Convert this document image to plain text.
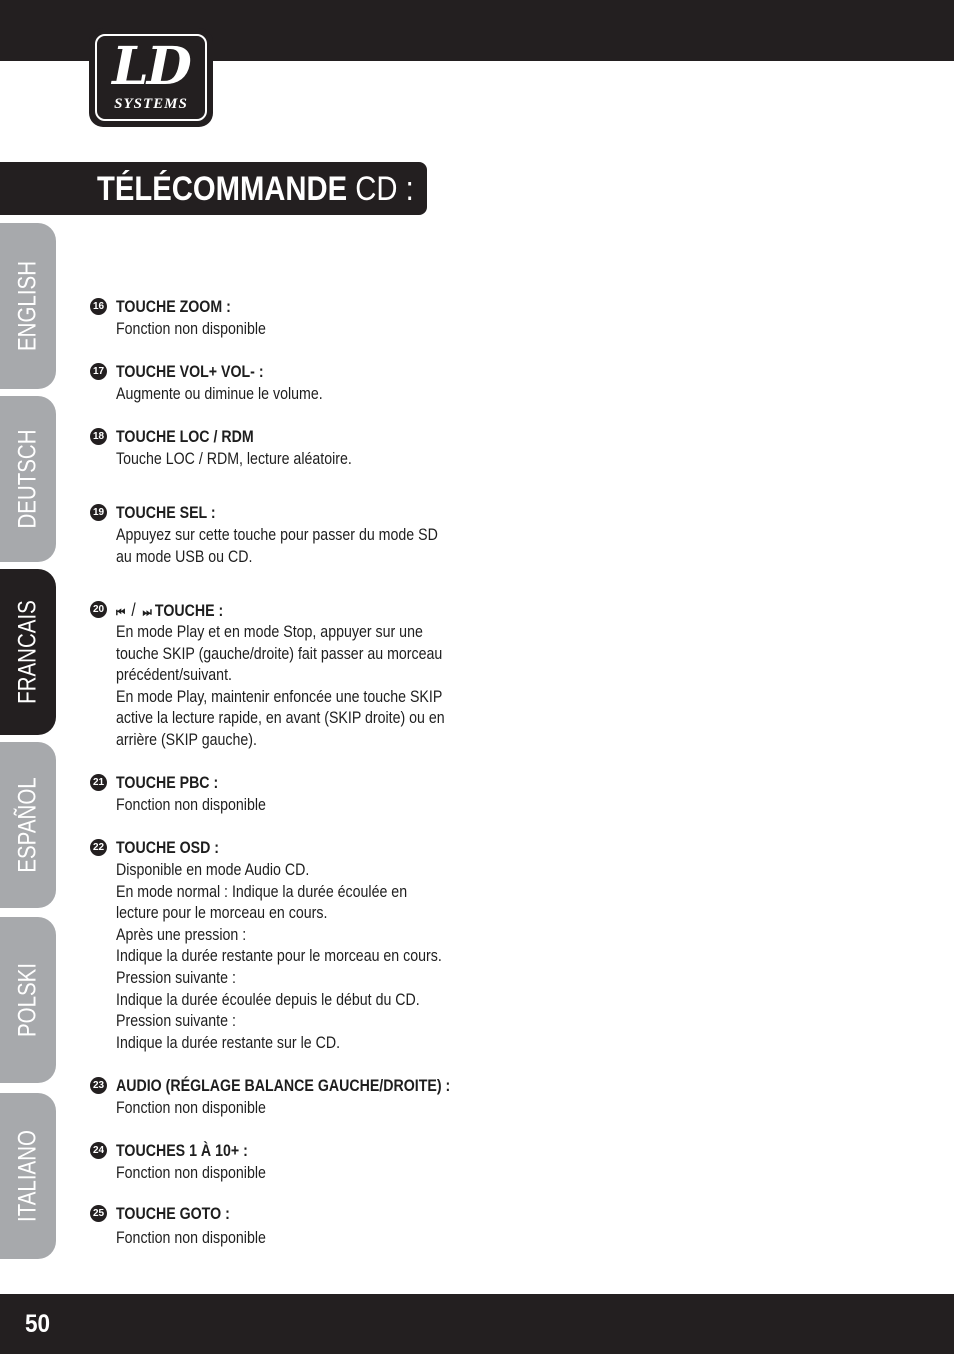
LD
SYSTEMS
TÉLÉCOMMANDE CD :
ENGLISH
DEUTSCH
FRANCAIS
ESPAÑOL
POLSKI
ITALIANO
16 TOUCHE ZOOM :
Fonction non disponible
17 TOUCHE VOL+ VOL- :
Augmente ou diminue le volume.
18 TOUCHE LOC / RDM
Touche LOC / RDM, lecture aléatoire.
19 TOUCHE SEL :
Appuyez sur cette touche pour passer du mode SD
au mode USB ou CD.
20 ⏮ / ⏭ TOUCHE :
En mode Play et en mode Stop, appuyer sur une
touche SKIP (gauche/droite) fait passer au morceau
précédent/suivant.
En mode Play, maintenir enfoncée une touche SKIP
active la lecture rapide, en avant (SKIP droite) ou en
arrière (SKIP gauche).
21 TOUCHE PBC :
Fonction non disponible
22 TOUCHE OSD :
Disponible en mode Audio CD.
En mode normal : Indique la durée écoulée en
lecture pour le morceau en cours.
Après une pression :
Indique la durée restante pour le morceau en cours.
Pression suivante :
Indique la durée écoulée depuis le début du CD.
Pression suivante :
Indique la durée restante sur le CD.
23 AUDIO (RÉGLAGE BALANCE GAUCHE/DROITE) :
Fonction non disponible
24 TOUCHES 1 À 10+ :
Fonction non disponible
25 TOUCHE GOTO :
Fonction non disponible
50
